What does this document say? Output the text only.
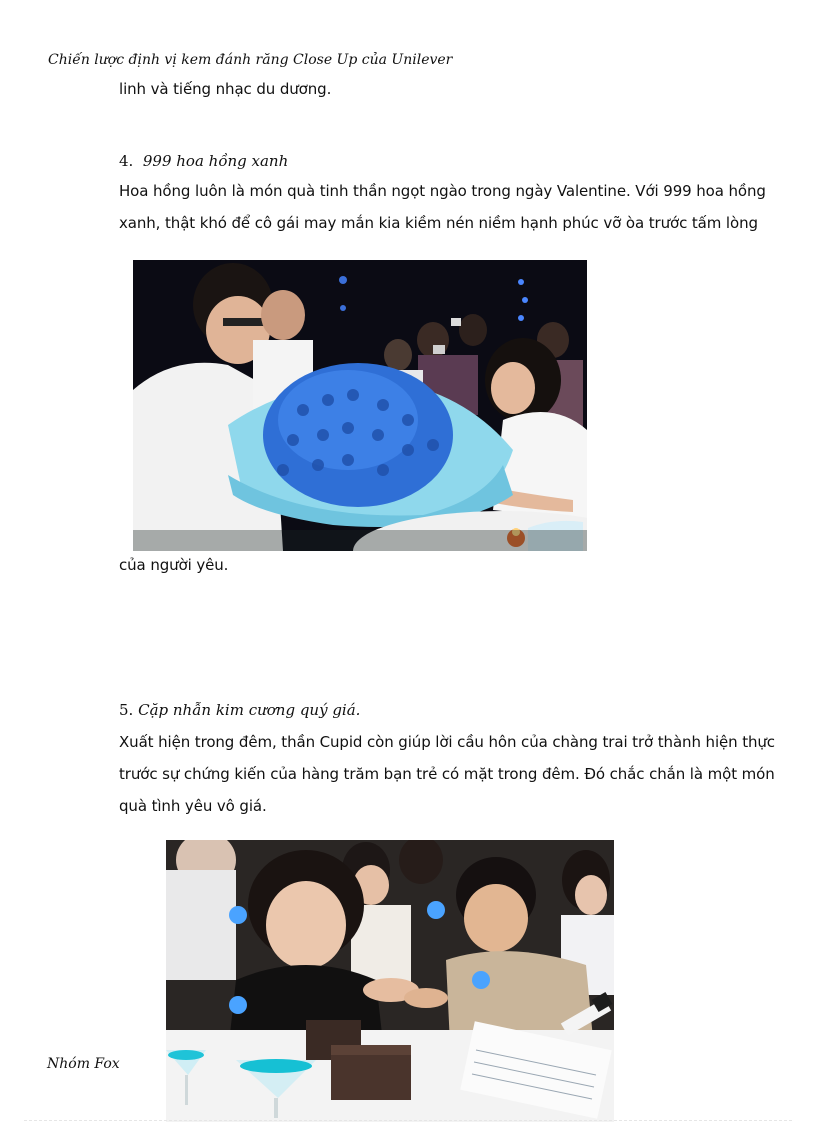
Chiến lược định vị kem đánh răng Close Up của Unilever
linh và tiếng nhạc du dương.
4. 999 hoa hồng xanh
Hoa hồng luôn là món quà tinh thần ngọt ngào trong ngày Valentine. Với 999 hoa hồng
xanh, thật khó để cô gái may mắn kia kiềm nén niềm hạnh phúc vỡ òa trước tấm lòng
của người yêu.
5. Cặp nhẫn kim cương quý giá.
Xuất hiện trong đêm, thần Cupid còn giúp lời cầu hôn của chàng trai trở thành hiện thực
trước sự chứng kiến của hàng trăm bạn trẻ có mặt trong đêm. Đó chắc chắn là một món
quà tình yêu vô giá.
Nhóm Fox
